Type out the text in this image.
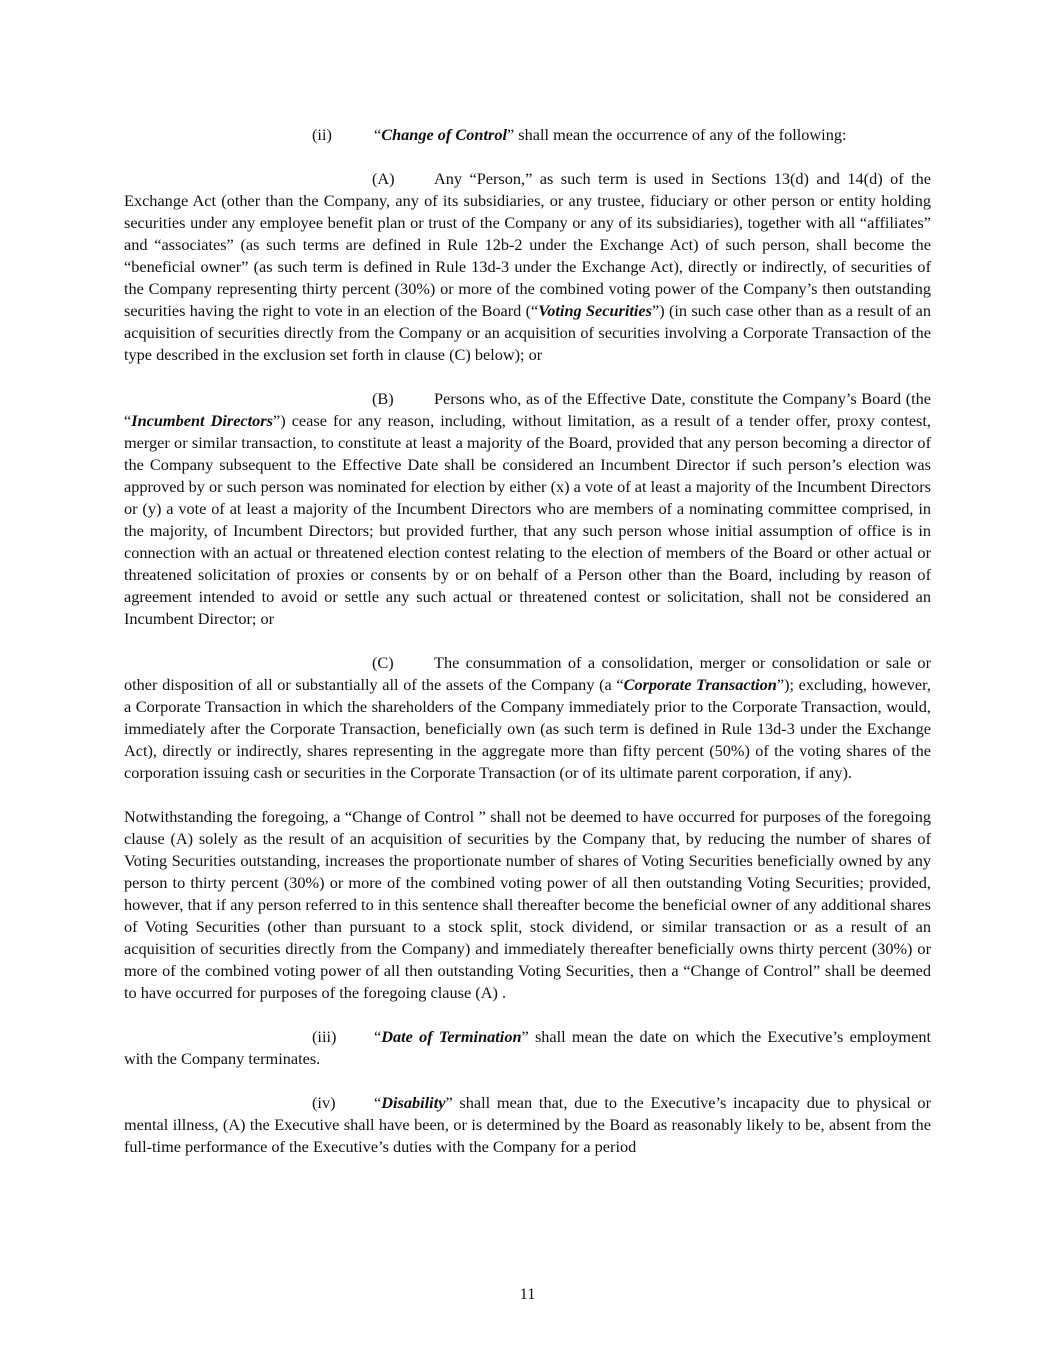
(ii)	“Change of Control” shall mean the occurrence of any of the following:

(A) Any “Person,” as such term is used in Sections 13(d) and 14(d) of the Exchange Act (other than the Company, any of its subsidiaries, or any trustee, fiduciary or other person or entity holding securities under any employee benefit plan or trust of the Company or any of its subsidiaries), together with all “affiliates” and “associates” (as such terms are defined in Rule 12b-2 under the Exchange Act) of such person, shall become the “beneficial owner” (as such term is defined in Rule 13d-3 under the Exchange Act), directly or indirectly, of securities of the Company representing thirty percent (30%) or more of the combined voting power of the Company’s then outstanding securities having the right to vote in an election of the Board (“Voting Securities”) (in such case other than as a result of an acquisition of securities directly from the Company or an acquisition of securities involving a Corporate Transaction of the type described in the exclusion set forth in clause (C) below); or

(B) Persons who, as of the Effective Date, constitute the Company’s Board (the “Incumbent Directors”) cease for any reason, including, without limitation, as a result of a tender offer, proxy contest, merger or similar transaction, to constitute at least a majority of the Board, provided that any person becoming a director of the Company subsequent to the Effective Date shall be considered an Incumbent Director if such person’s election was approved by or such person was nominated for election by either (x) a vote of at least a majority of the Incumbent Directors or (y) a vote of at least a majority of the Incumbent Directors who are members of a nominating committee comprised, in the majority, of Incumbent Directors; but provided further, that any such person whose initial assumption of office is in connection with an actual or threatened election contest relating to the election of members of the Board or other actual or threatened solicitation of proxies or consents by or on behalf of a Person other than the Board, including by reason of agreement intended to avoid or settle any such actual or threatened contest or solicitation, shall not be considered an Incumbent Director; or

(C) The consummation of a consolidation, merger or consolidation or sale or other disposition of all or substantially all of the assets of the Company (a “Corporate Transaction”); excluding, however, a Corporate Transaction in which the shareholders of the Company immediately prior to the Corporate Transaction, would, immediately after the Corporate Transaction, beneficially own (as such term is defined in Rule 13d-3 under the Exchange Act), directly or indirectly, shares representing in the aggregate more than fifty percent (50%) of the voting shares of the corporation issuing cash or securities in the Corporate Transaction (or of its ultimate parent corporation, if any).

Notwithstanding the foregoing, a “Change of Control ” shall not be deemed to have occurred for purposes of the foregoing clause (A) solely as the result of an acquisition of securities by the Company that, by reducing the number of shares of Voting Securities outstanding, increases the proportionate number of shares of Voting Securities beneficially owned by any person to thirty percent (30%) or more of the combined voting power of all then outstanding Voting Securities; provided, however, that if any person referred to in this sentence shall thereafter become the beneficial owner of any additional shares of Voting Securities (other than pursuant to a stock split, stock dividend, or similar transaction or as a result of an acquisition of securities directly from the Company) and immediately thereafter beneficially owns thirty percent (30%) or more of the combined voting power of all then outstanding Voting Securities, then a “Change of Control” shall be deemed to have occurred for purposes of the foregoing clause (A) .

(iii) “Date of Termination” shall mean the date on which the Executive’s employment with the Company terminates.

(iv) “Disability” shall mean that, due to the Executive’s incapacity due to physical or mental illness, (A) the Executive shall have been, or is determined by the Board as reasonably likely to be, absent from the full-time performance of the Executive’s duties with the Company for a period

11
